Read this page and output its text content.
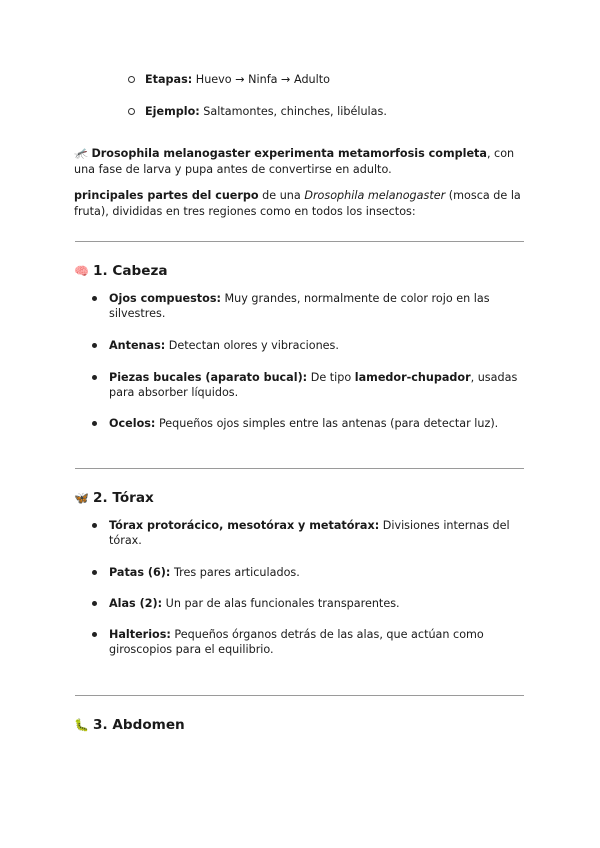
Etapas: Huevo → Ninfa → Adulto
Ejemplo: Saltamontes, chinches, libélulas.

🦟 Drosophila melanogaster experimenta metamorfosis completa, con una fase de larva y pupa antes de convertirse en adulto.

principales partes del cuerpo de una Drosophila melanogaster (mosca de la fruta), divididas en tres regiones como en todos los insectos:

🧠 1. Cabeza
Ojos compuestos: Muy grandes, normalmente de color rojo en las silvestres.
Antenas: Detectan olores y vibraciones.
Piezas bucales (aparato bucal): De tipo lamedor-chupador, usadas para absorber líquidos.
Ocelos: Pequeños ojos simples entre las antenas (para detectar luz).
🦋 2. Tórax
Tórax protorácico, mesotórax y metatórax: Divisiones internas del tórax.
Patas (6): Tres pares articulados.
Alas (2): Un par de alas funcionales transparentes.
Halterios: Pequeños órganos detrás de las alas, que actúan como giroscopios para el equilibrio.
🐛 3. Abdomen
